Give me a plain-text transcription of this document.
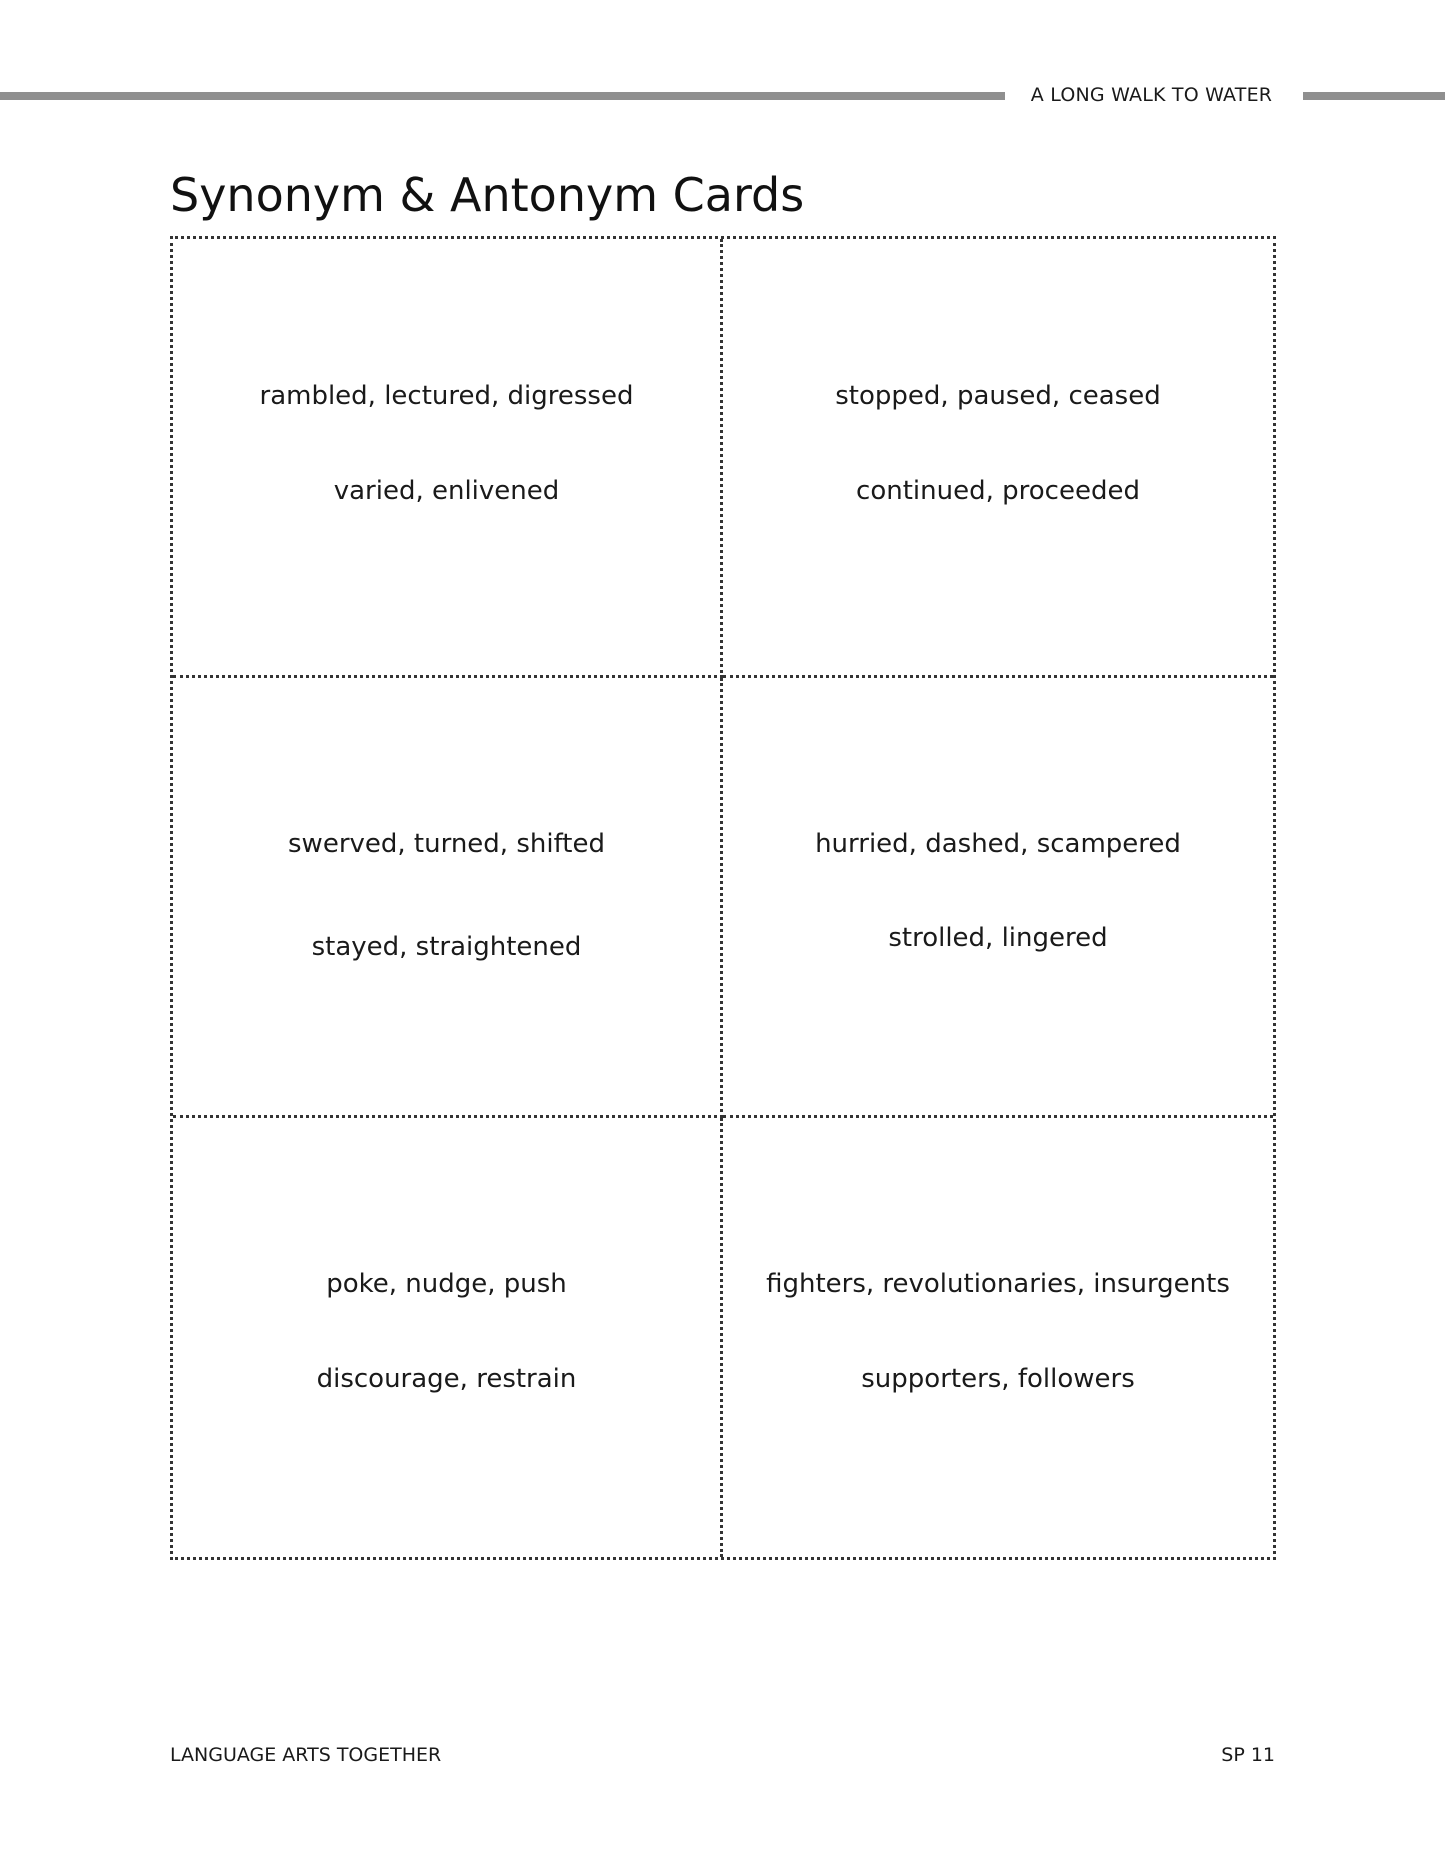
A LONG WALK TO WATER
Synonym & Antonym Cards
rambled, lectured, digressed
varied, enlivened
stopped, paused, ceased
continued, proceeded
swerved, turned, shifted
stayed, straightened
hurried, dashed, scampered
strolled, lingered
poke, nudge, push
discourage, restrain
fighters, revolutionaries, insurgents
supporters, followers
LANGUAGE ARTS TOGETHER	SP 11
